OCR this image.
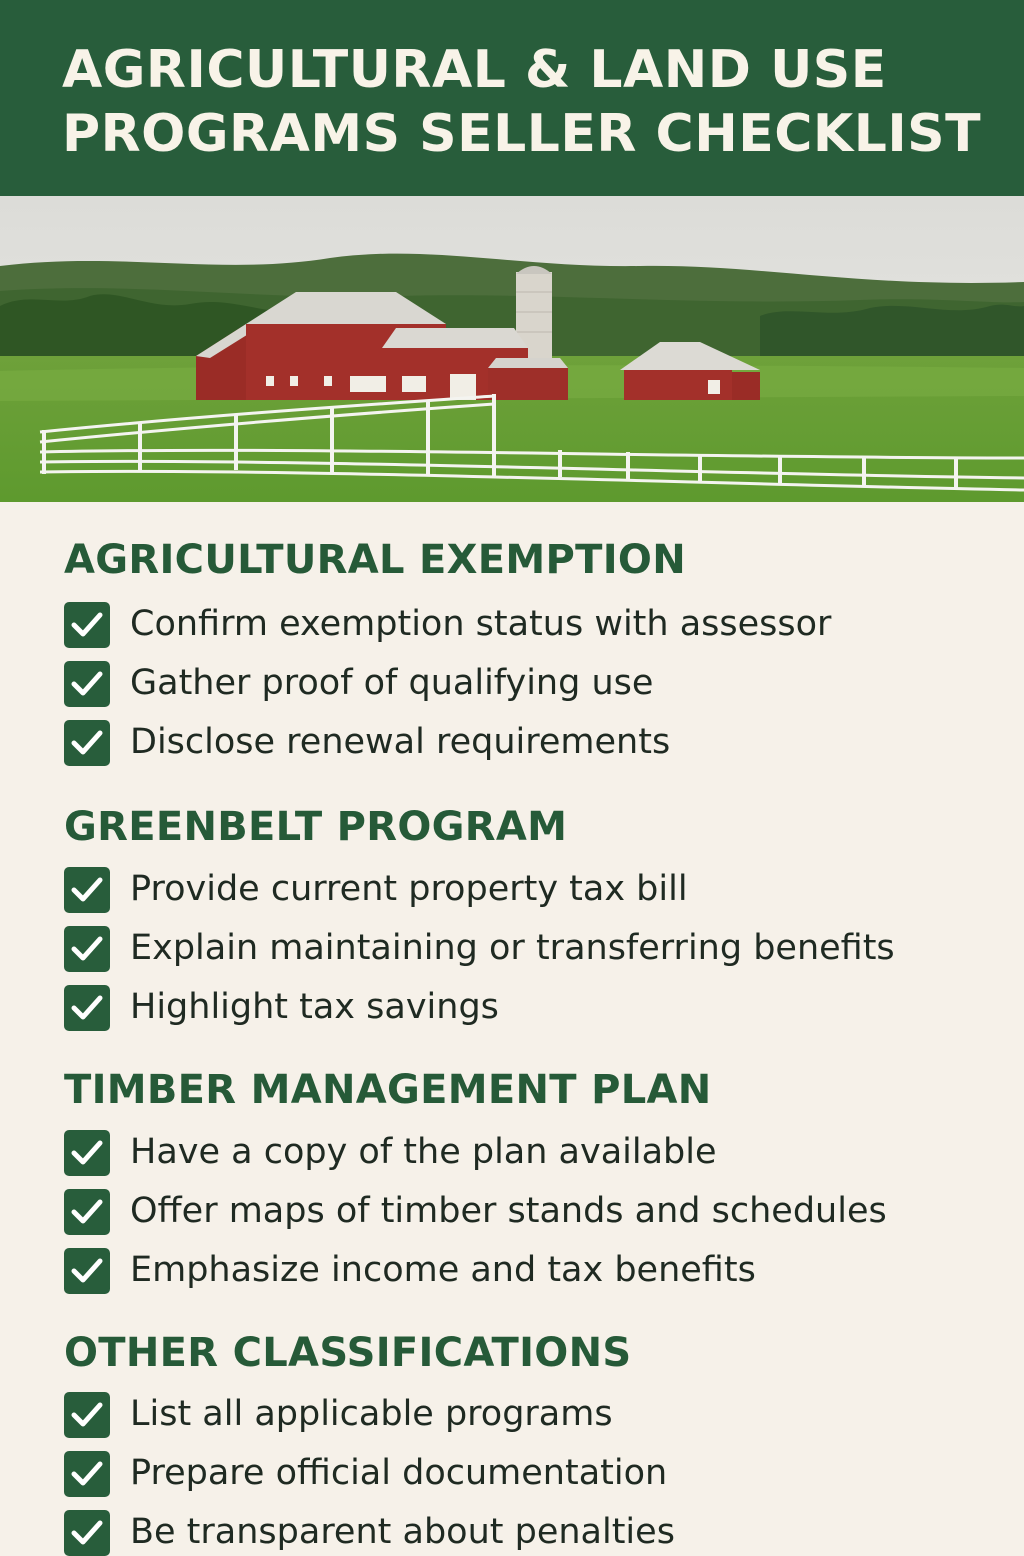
AGRICULTURAL & LAND USE
PROGRAMS SELLER CHECKLIST
AGRICULTURAL EXEMPTION
Confirm exemption status with assessor
Gather proof of qualifying use
Disclose renewal requirements
GREENBELT PROGRAM
Provide current property tax bill
Explain maintaining or transferring benefits
Highlight tax savings
TIMBER MANAGEMENT PLAN
Have a copy of the plan available
Offer maps of timber stands and schedules
Emphasize income and tax benefits
OTHER CLASSIFICATIONS
List all applicable programs
Prepare official documentation
Be transparent about penalties
